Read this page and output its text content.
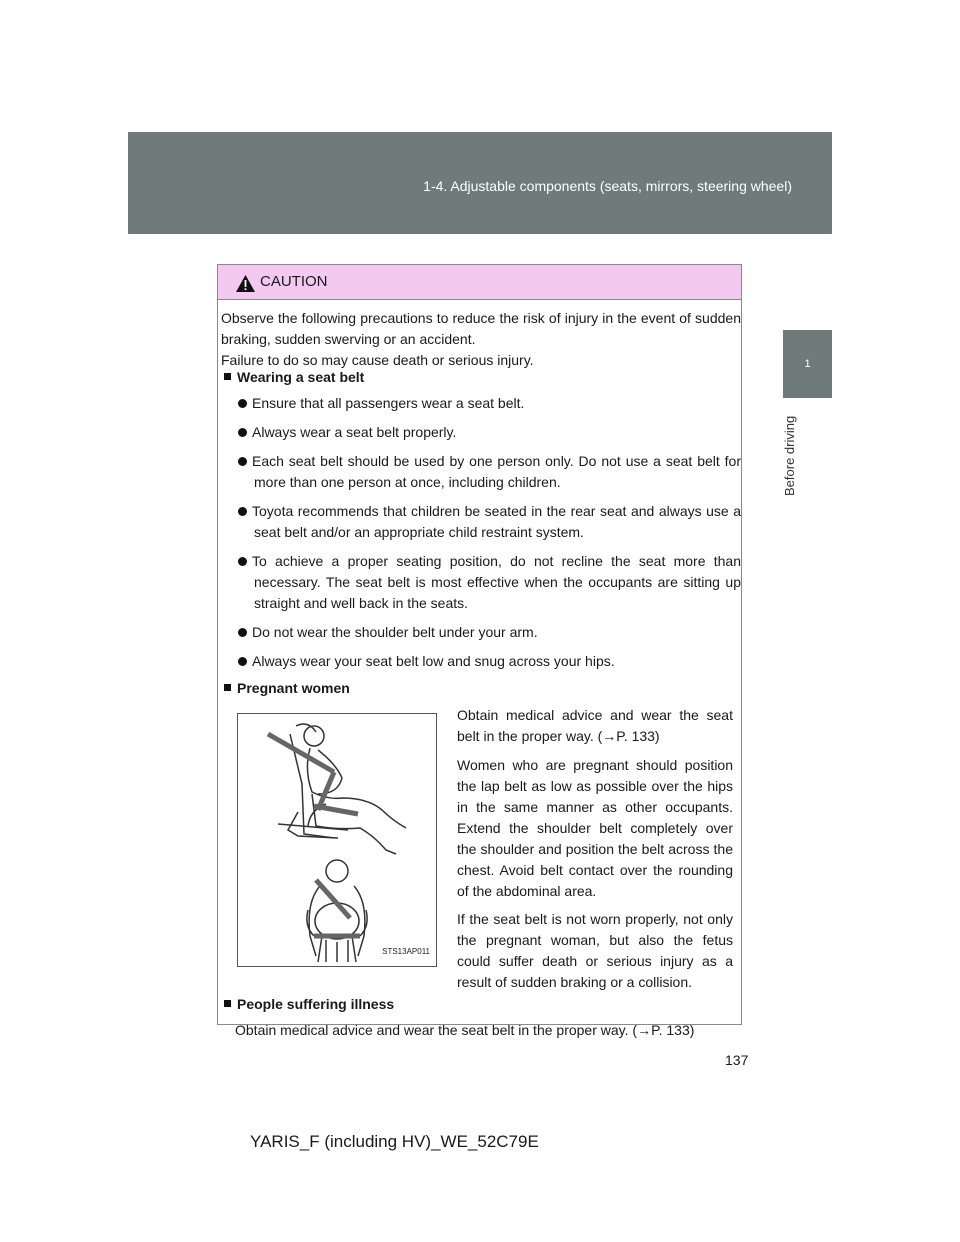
1-4. Adjustable components (seats, mirrors, steering wheel)
1
Before driving
CAUTION
Observe the following precautions to reduce the risk of injury in the event of sudden braking, sudden swerving or an accident.
Failure to do so may cause death or serious injury.
Wearing a seat belt
Ensure that all passengers wear a seat belt.
Always wear a seat belt properly.
Each seat belt should be used by one person only. Do not use a seat belt for more than one person at once, including children.
Toyota recommends that children be seated in the rear seat and always use a seat belt and/or an appropriate child restraint system.
To achieve a proper seating position, do not recline the seat more than necessary. The seat belt is most effective when the occupants are sitting up straight and well back in the seats.
Do not wear the shoulder belt under your arm.
Always wear your seat belt low and snug across your hips.
Pregnant women
STS13AP011
Obtain medical advice and wear the seat belt in the proper way. (→P. 133)
Women who are pregnant should position the lap belt as low as possible over the hips in the same manner as other occupants. Extend the shoulder belt completely over the shoulder and position the belt across the chest. Avoid belt contact over the rounding of the abdominal area.
If the seat belt is not worn properly, not only the pregnant woman, but also the fetus could suffer death or serious injury as a result of sudden braking or a collision.
People suffering illness
Obtain medical advice and wear the seat belt in the proper way. (→P. 133)
137
YARIS_F (including HV)_WE_52C79E
